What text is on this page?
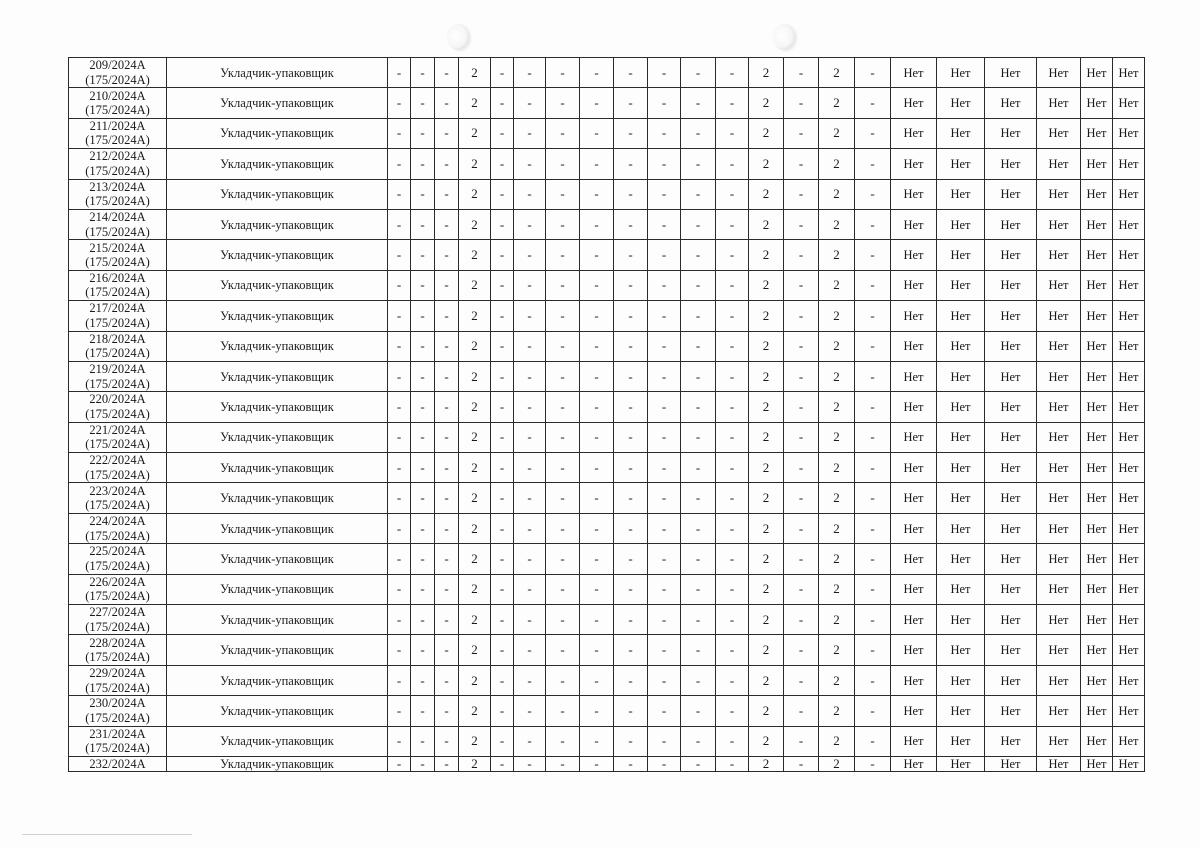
209/2024А
(175/2024А)	Укладчик-упаковщик	-	-	-	2	-	-	-	-	-	-	-	-	2	-	2	-	Нет	Нет	Нет	Нет	Нет	Нет

210/2024А
(175/2024А)	Укладчик-упаковщик	-	-	-	2	-	-	-	-	-	-	-	-	2	-	2	-	Нет	Нет	Нет	Нет	Нет	Нет

211/2024А
(175/2024А)	Укладчик-упаковщик	-	-	-	2	-	-	-	-	-	-	-	-	2	-	2	-	Нет	Нет	Нет	Нет	Нет	Нет

212/2024А
(175/2024А)	Укладчик-упаковщик	-	-	-	2	-	-	-	-	-	-	-	-	2	-	2	-	Нет	Нет	Нет	Нет	Нет	Нет

213/2024А
(175/2024А)	Укладчик-упаковщик	-	-	-	2	-	-	-	-	-	-	-	-	2	-	2	-	Нет	Нет	Нет	Нет	Нет	Нет

214/2024А
(175/2024А)	Укладчик-упаковщик	-	-	-	2	-	-	-	-	-	-	-	-	2	-	2	-	Нет	Нет	Нет	Нет	Нет	Нет

215/2024А
(175/2024А)	Укладчик-упаковщик	-	-	-	2	-	-	-	-	-	-	-	-	2	-	2	-	Нет	Нет	Нет	Нет	Нет	Нет

216/2024А
(175/2024А)	Укладчик-упаковщик	-	-	-	2	-	-	-	-	-	-	-	-	2	-	2	-	Нет	Нет	Нет	Нет	Нет	Нет

217/2024А
(175/2024А)	Укладчик-упаковщик	-	-	-	2	-	-	-	-	-	-	-	-	2	-	2	-	Нет	Нет	Нет	Нет	Нет	Нет

218/2024А
(175/2024А)	Укладчик-упаковщик	-	-	-	2	-	-	-	-	-	-	-	-	2	-	2	-	Нет	Нет	Нет	Нет	Нет	Нет

219/2024А
(175/2024А)	Укладчик-упаковщик	-	-	-	2	-	-	-	-	-	-	-	-	2	-	2	-	Нет	Нет	Нет	Нет	Нет	Нет

220/2024А
(175/2024А)	Укладчик-упаковщик	-	-	-	2	-	-	-	-	-	-	-	-	2	-	2	-	Нет	Нет	Нет	Нет	Нет	Нет

221/2024А
(175/2024А)	Укладчик-упаковщик	-	-	-	2	-	-	-	-	-	-	-	-	2	-	2	-	Нет	Нет	Нет	Нет	Нет	Нет

222/2024А
(175/2024А)	Укладчик-упаковщик	-	-	-	2	-	-	-	-	-	-	-	-	2	-	2	-	Нет	Нет	Нет	Нет	Нет	Нет

223/2024А
(175/2024А)	Укладчик-упаковщик	-	-	-	2	-	-	-	-	-	-	-	-	2	-	2	-	Нет	Нет	Нет	Нет	Нет	Нет

224/2024А
(175/2024А)	Укладчик-упаковщик	-	-	-	2	-	-	-	-	-	-	-	-	2	-	2	-	Нет	Нет	Нет	Нет	Нет	Нет

225/2024А
(175/2024А)	Укладчик-упаковщик	-	-	-	2	-	-	-	-	-	-	-	-	2	-	2	-	Нет	Нет	Нет	Нет	Нет	Нет

226/2024А
(175/2024А)	Укладчик-упаковщик	-	-	-	2	-	-	-	-	-	-	-	-	2	-	2	-	Нет	Нет	Нет	Нет	Нет	Нет

227/2024А
(175/2024А)	Укладчик-упаковщик	-	-	-	2	-	-	-	-	-	-	-	-	2	-	2	-	Нет	Нет	Нет	Нет	Нет	Нет

228/2024А
(175/2024А)	Укладчик-упаковщик	-	-	-	2	-	-	-	-	-	-	-	-	2	-	2	-	Нет	Нет	Нет	Нет	Нет	Нет

229/2024А
(175/2024А)	Укладчик-упаковщик	-	-	-	2	-	-	-	-	-	-	-	-	2	-	2	-	Нет	Нет	Нет	Нет	Нет	Нет

230/2024А
(175/2024А)	Укладчик-упаковщик	-	-	-	2	-	-	-	-	-	-	-	-	2	-	2	-	Нет	Нет	Нет	Нет	Нет	Нет

231/2024А
(175/2024А)	Укладчик-упаковщик	-	-	-	2	-	-	-	-	-	-	-	-	2	-	2	-	Нет	Нет	Нет	Нет	Нет	Нет

232/2024А	Укладчик-упаковщик	-	-	-	2	-	-	-	-	-	-	-	-	2	-	2	-	Нет	Нет	Нет	Нет	Нет	Нет
